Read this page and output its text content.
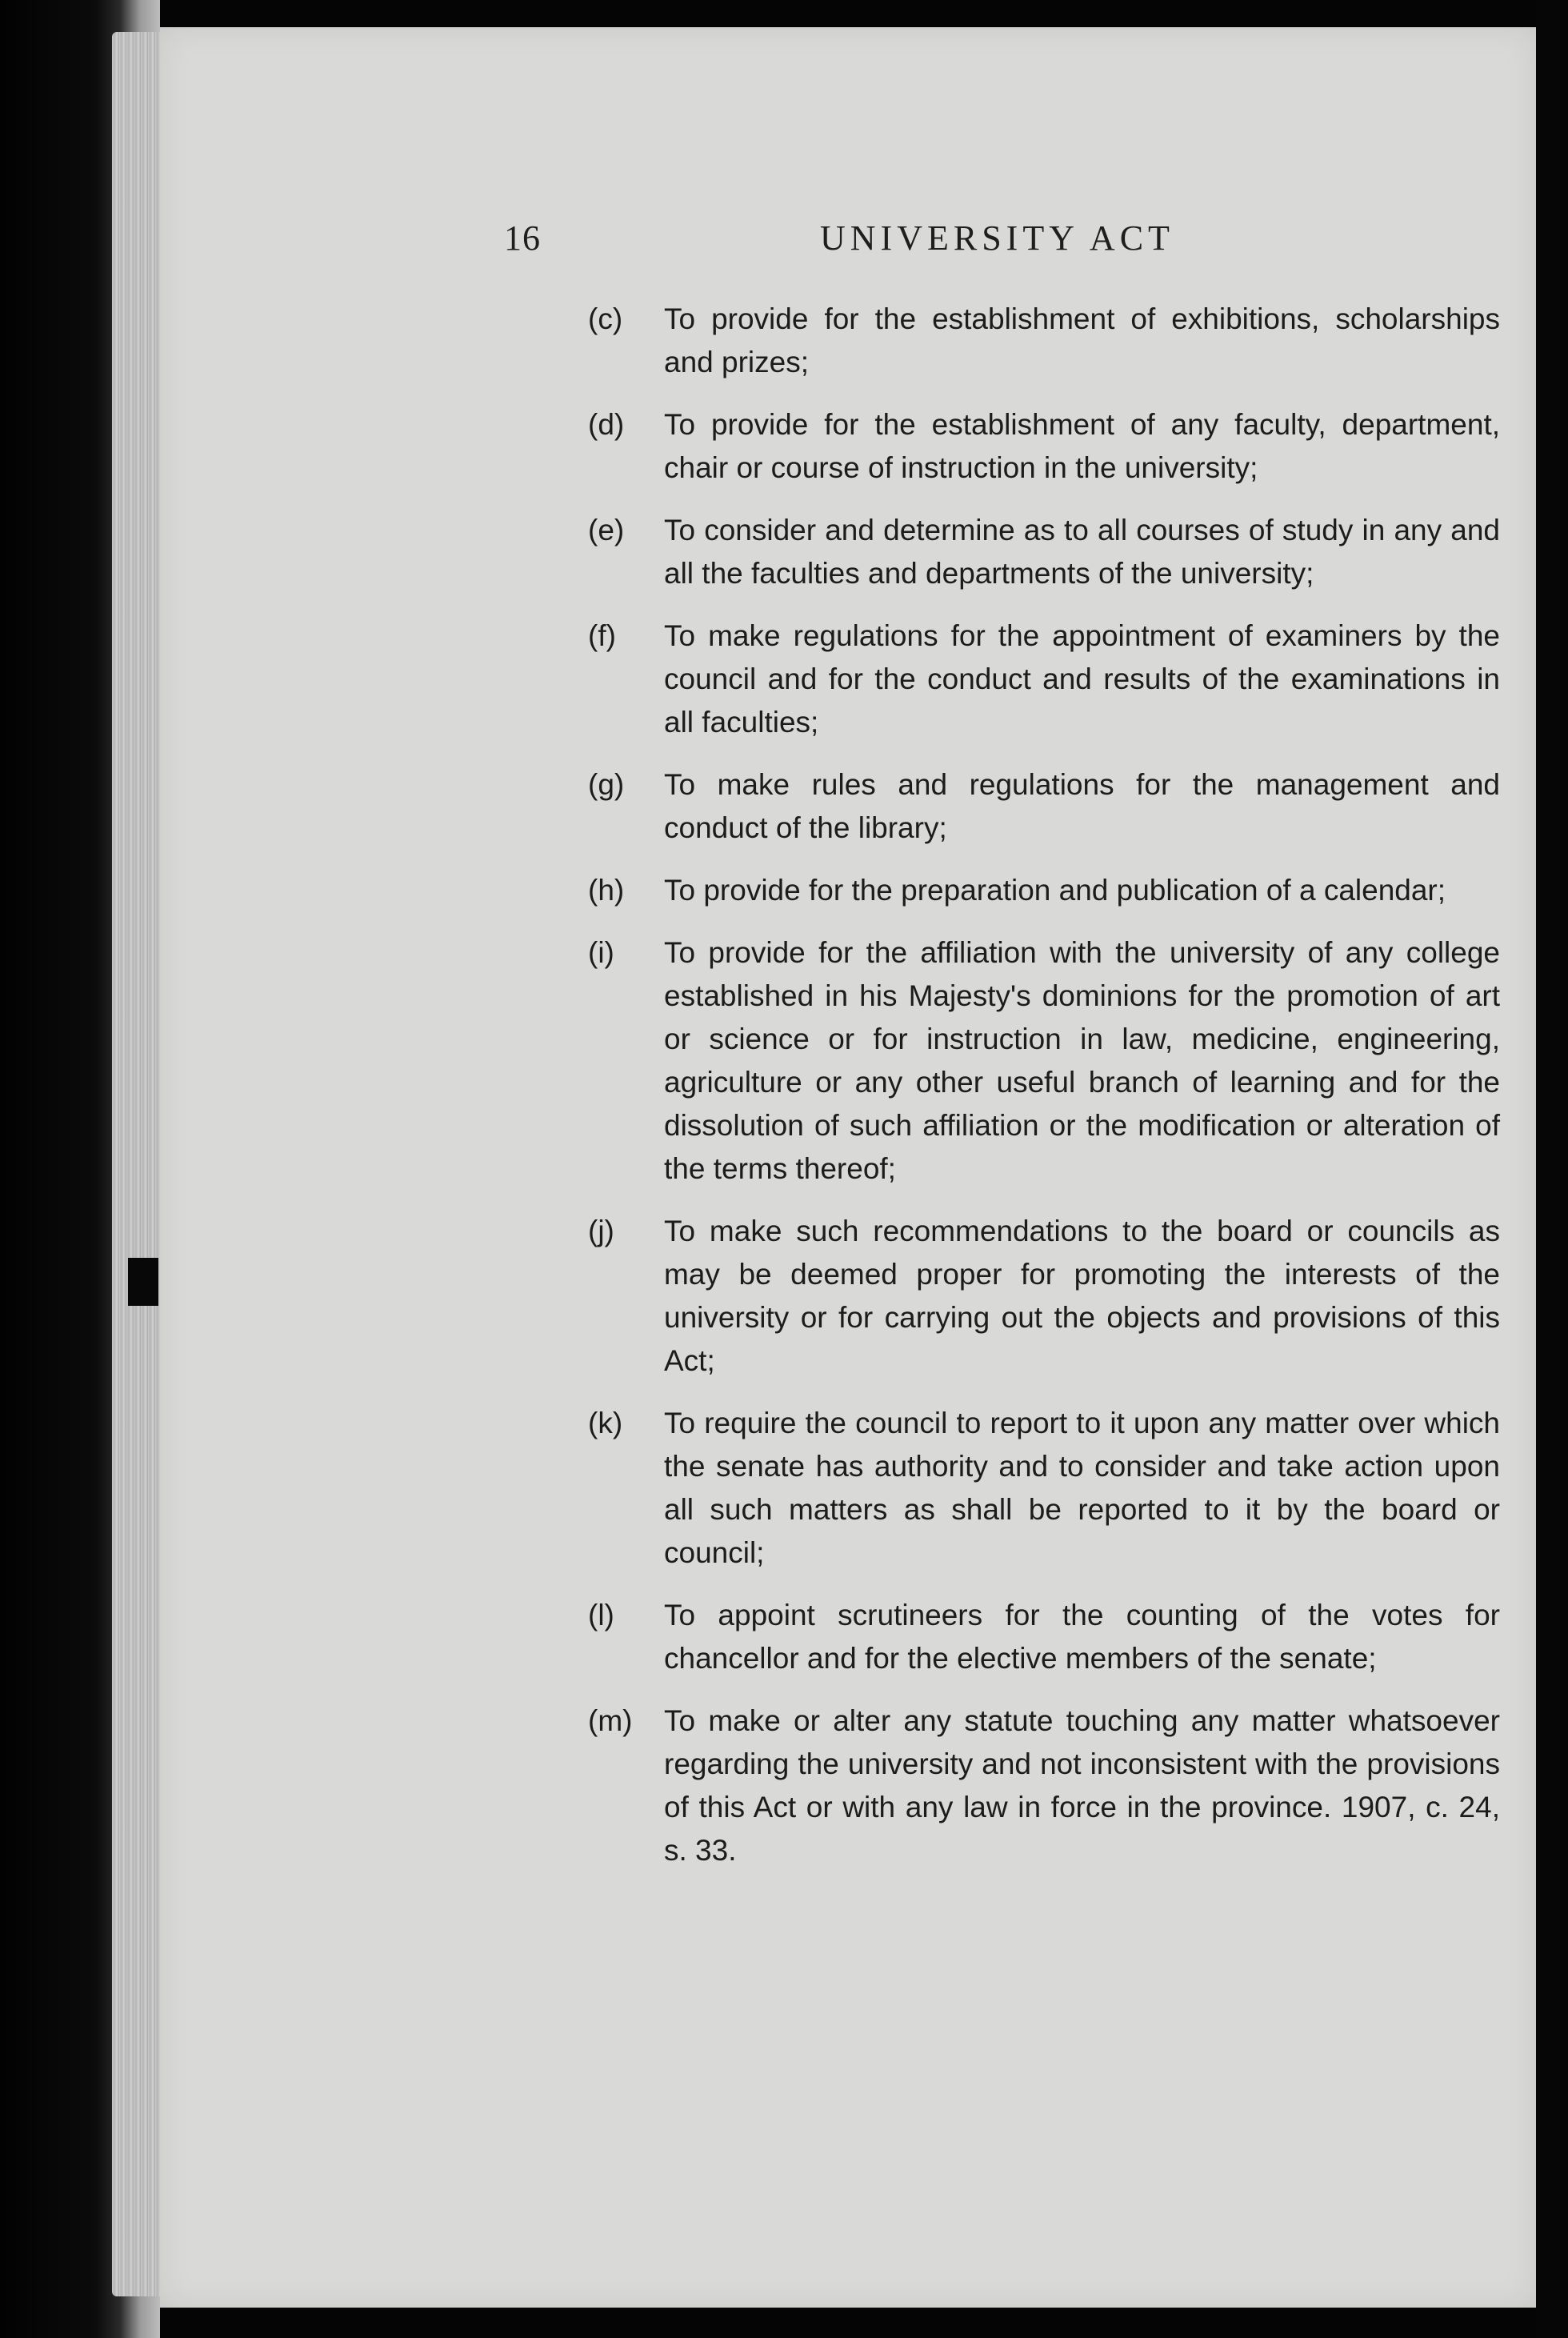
16	UNIVERSITY ACT
(c) To provide for the establishment of exhibitions, scholarships and prizes;
(d) To provide for the establishment of any faculty, department, chair or course of instruction in the university;
(e) To consider and determine as to all courses of study in any and all the faculties and departments of the university;
(f) To make regulations for the appointment of examiners by the council and for the conduct and results of the examinations in all faculties;
(g) To make rules and regulations for the management and conduct of the library;
(h) To provide for the preparation and publication of a calendar;
(i) To provide for the affiliation with the university of any college established in his Majesty's dominions for the promotion of art or science or for instruction in law, medicine, engineering, agriculture or any other useful branch of learning and for the dissolution of such affiliation or the modification or alteration of the terms thereof;
(j) To make such recommendations to the board or councils as may be deemed proper for promoting the interests of the university or for carrying out the objects and provisions of this Act;
(k) To require the council to report to it upon any matter over which the senate has authority and to consider and take action upon all such matters as shall be reported to it by the board or council;
(l) To appoint scrutineers for the counting of the votes for chancellor and for the elective members of the senate;
(m) To make or alter any statute touching any matter whatsoever regarding the university and not inconsistent with the provisions of this Act or with any law in force in the province. 1907, c. 24, s. 33.
